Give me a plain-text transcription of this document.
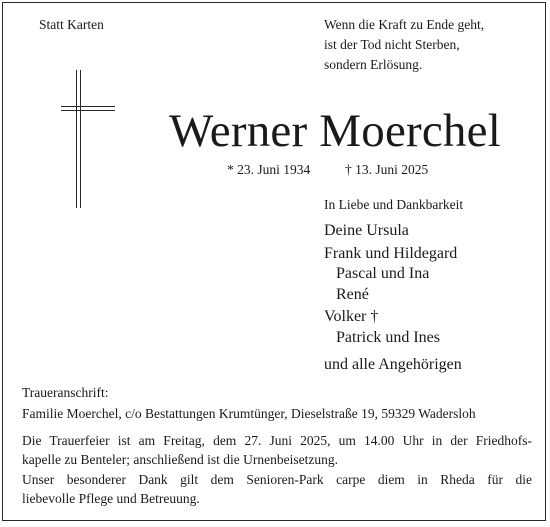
Statt Karten	Wenn die Kraft zu Ende geht,
ist der Tod nicht Sterben,
sondern Erlösung.
Werner Moerchel
* 23. Juni 1934	† 13. Juni 2025
In Liebe und Dankbarkeit
Deine Ursula
Frank und Hildegard
Pascal und Ina
René
Volker †
Patrick und Ines
und alle Angehörigen
Traueranschrift:
Familie Moerchel, c/o Bestattungen Krumtünger, Dieselstraße 19, 59329 Wadersloh
Die Trauerfeier ist am Freitag, dem 27. Juni 2025, um 14.00 Uhr in der Friedhofs-
kapelle zu Benteler; anschließend ist die Urnenbeisetzung.
Unser besonderer Dank gilt dem Senioren-Park carpe diem in Rheda für die
liebevolle Pflege und Betreuung.
